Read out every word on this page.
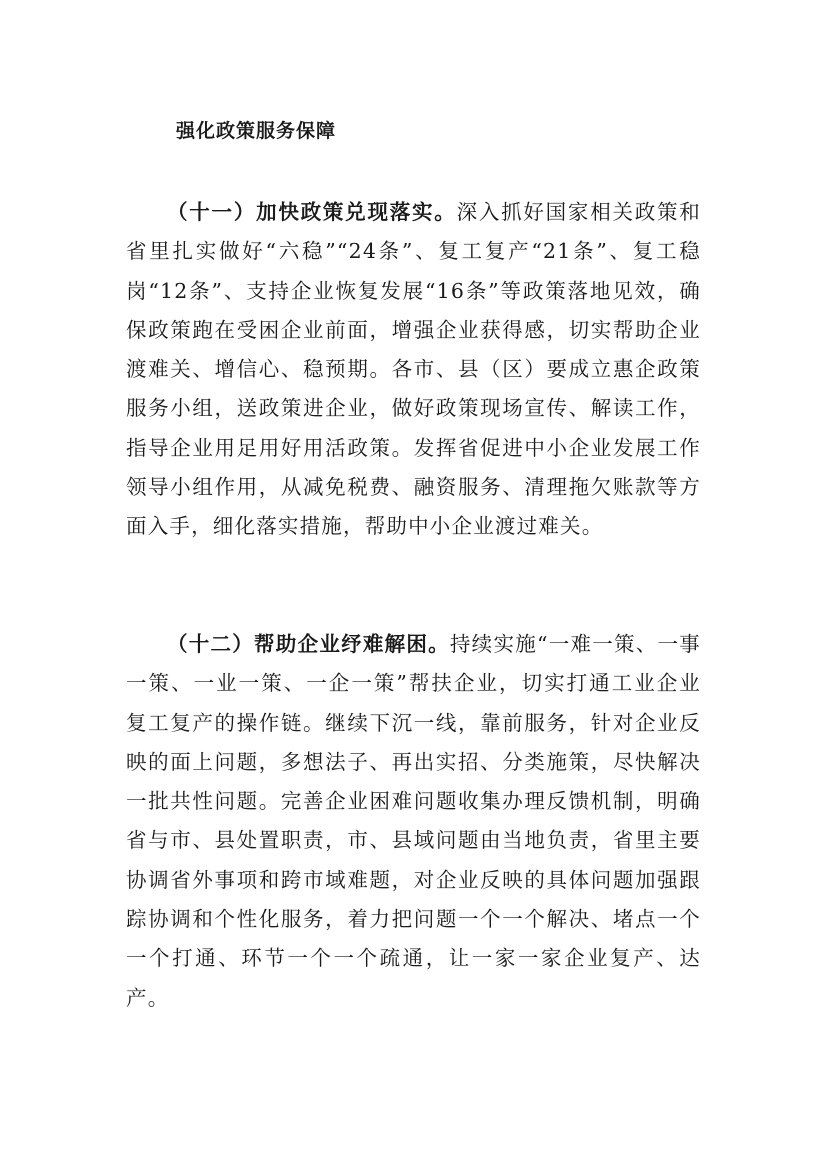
强化政策服务保障

（十一）加快政策兑现落实。深入抓好国家相关政策和省里扎实做好“六稳”“24条”、复工复产“21条”、复工稳岗“12条”、支持企业恢复发展“16条”等政策落地见效，确保政策跑在受困企业前面，增强企业获得感，切实帮助企业渡难关、增信心、稳预期。各市、县（区）要成立惠企政策服务小组，送政策进企业，做好政策现场宣传、解读工作，指导企业用足用好用活政策。发挥省促进中小企业发展工作领导小组作用，从减免税费、融资服务、清理拖欠账款等方面入手，细化落实措施，帮助中小企业渡过难关。

（十二）帮助企业纾难解困。持续实施“一难一策、一事一策、一业一策、一企一策”帮扶企业，切实打通工业企业复工复产的操作链。继续下沉一线，靠前服务，针对企业反映的面上问题，多想法子、再出实招、分类施策，尽快解决一批共性问题。完善企业困难问题收集办理反馈机制，明确省与市、县处置职责，市、县域问题由当地负责，省里主要协调省外事项和跨市域难题，对企业反映的具体问题加强跟踪协调和个性化服务，着力把问题一个一个解决、堵点一个一个打通、环节一个一个疏通，让一家一家企业复产、达产。
